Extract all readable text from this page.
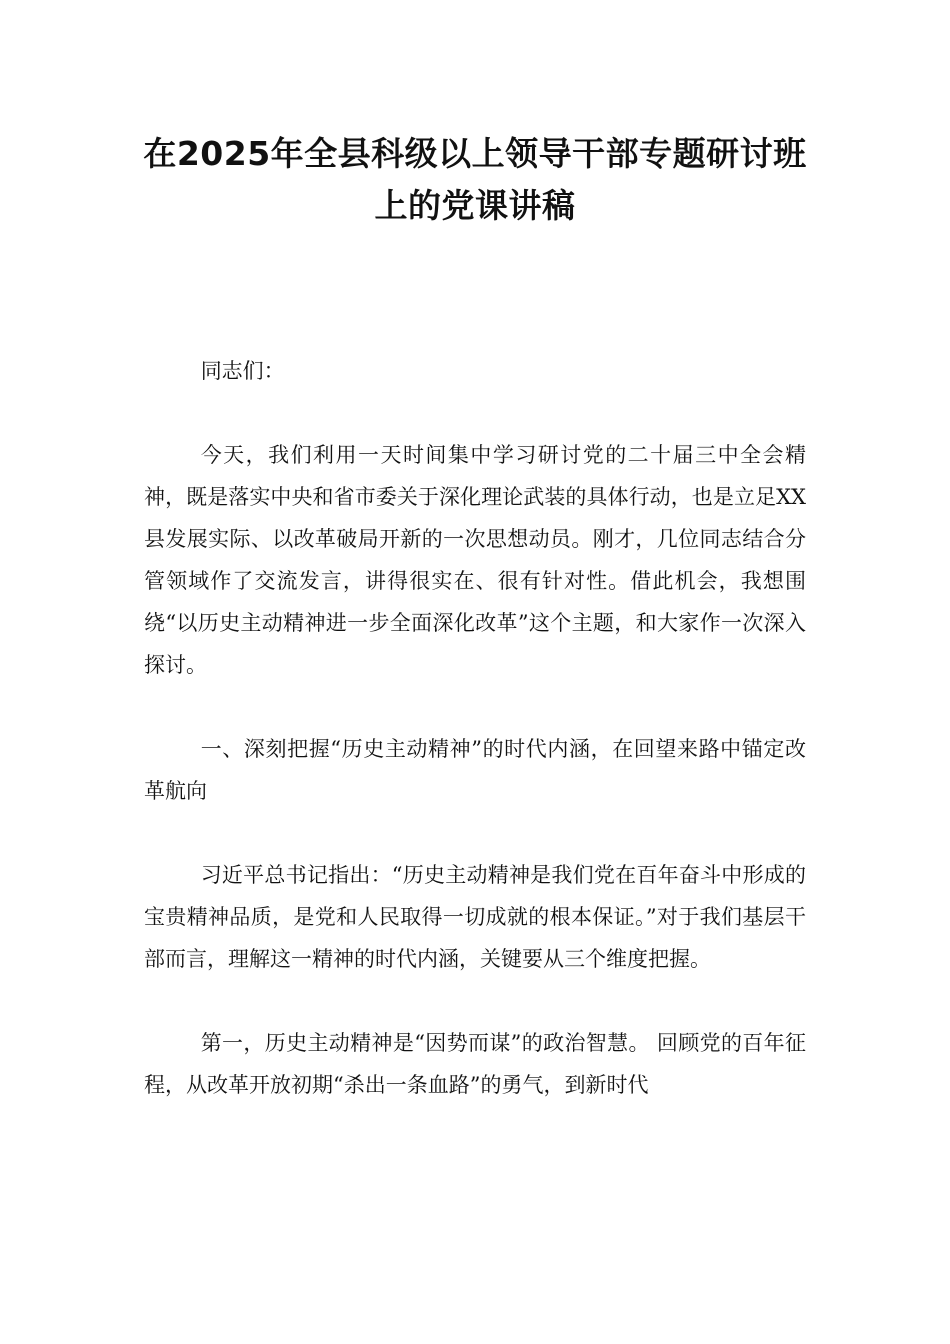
在2025年全县科级以上领导干部专题研讨班上的党课讲稿

同志们：

今天，我们利用一天时间集中学习研讨党的二十届三中全会精神，既是落实中央和省市委关于深化理论武装的具体行动，也是立足XX县发展实际、以改革破局开新的一次思想动员。刚才，几位同志结合分管领域作了交流发言，讲得很实在、很有针对性。借此机会，我想围绕“以历史主动精神进一步全面深化改革”这个主题，和大家作一次深入探讨。

一、深刻把握“历史主动精神”的时代内涵，在回望来路中锚定改革航向

习近平总书记指出：“历史主动精神是我们党在百年奋斗中形成的宝贵精神品质，是党和人民取得一切成就的根本保证。”对于我们基层干部而言，理解这一精神的时代内涵，关键要从三个维度把握。

第一，历史主动精神是“因势而谋”的政治智慧。 回顾党的百年征程，从改革开放初期“杀出一条血路”的勇气，到新时代
